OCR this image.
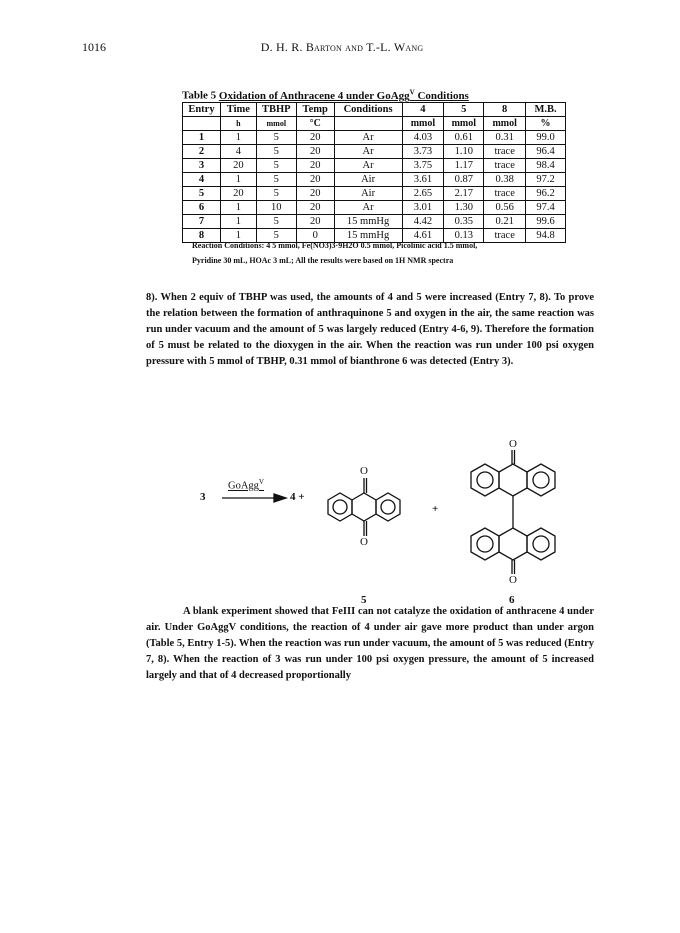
1016	D. H. R. Barton and T.-L. Wang
Table 5 Oxidation of Anthracene 4 under GoAgg$^V$ Conditions
Entry	Time	TBHP	Temp	Conditions	4	5	8	M.B.
	h	mmol	°C		mmol	mmol	mmol	%
1	1	5	20	Ar	4.03	0.61	0.31	99.0
2	4	5	20	Ar	3.73	1.10	trace	96.4
3	20	5	20	Ar	3.75	1.17	trace	98.4
4	1	5	20	Air	3.61	0.87	0.38	97.2
5	20	5	20	Air	2.65	2.17	trace	96.2
6	1	10	20	Ar	3.01	1.30	0.56	97.4
7	1	5	20	15 mmHg	4.42	0.35	0.21	99.6
8	1	5	0	15 mmHg	4.61	0.13	trace	94.8
Reaction Conditions: 4 5 mmol, Fe(NO3)3·9H2O 0.5 mmol, Picolinic acid 1.5 mmol,
Pyridine 30 mL, HOAc 3 mL; All the results were based on 1H NMR spectra

8). When 2 equiv of TBHP was used, the amounts of 4 and 5 were increased (Entry 7, 8). To prove the relation between the formation of anthraquinone 5 and oxygen in the air, the same reaction was run under vacuum and the amount of 5 was largely reduced (Entry 4-6, 9). Therefore the formation of 5 must be related to the dioxygen in the air. When the reaction was run under 100 psi oxygen pressure with 5 mmol of TBHP, 0.31 mmol of bianthrone 6 was detected (Entry 3).

3
GoAgg$^V$
4 +
O
O
+
O
O
5	6

A blank experiment showed that FeIII can not catalyze the oxidation of anthracene 4 under air. Under GoAggV conditions, the reaction of 4 under air gave more product than under argon (Table 5, Entry 1-5). When the reaction was run under vacuum, the amount of 5 was reduced (Entry 7, 8). When the reaction of 3 was run under 100 psi oxygen pressure, the amount of 5 increased largely and that of 4 decreased proportionally
